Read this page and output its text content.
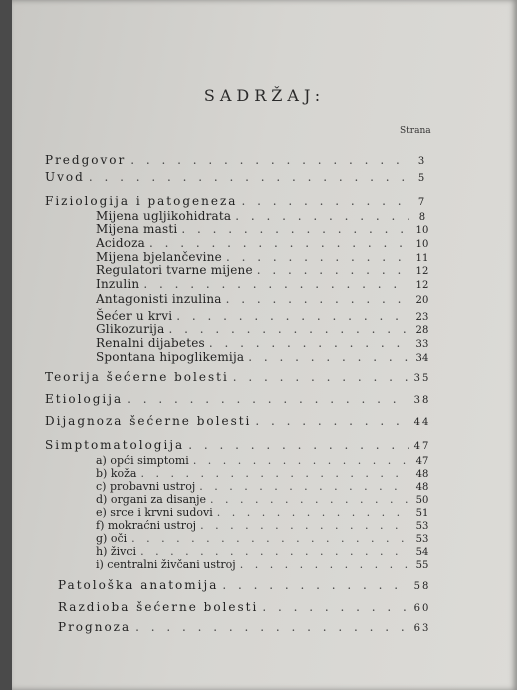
SADRŽAJ:
Strana
Predgovor . . .	3
Uvod . . .	5
Fiziologija i patogeneza . . .	7
Mijena ugljikohidrata . . .	8
Mijena masti . . .	10
Acidoza . . .	10
Mijena bjelančevine . . .	11
Regulatori tvarne mijene . . .	12
Inzulin . . .	12
Antagonisti inzulina . . .	20
Šećer u krvi . . .	23
Glikozurija . . .	28
Renalni dijabetes . . .	33
Spontana hipoglikemija . . .	34
Teorija šećerne bolesti . . .	35
Etiologija . . .	38
Dijagnoza šećerne bolesti . . .	44
Simptomatologija . . .	47
a) opći simptomi . . .	47
b) koža . . .	48
c) probavni ustroj . . .	48
d) organi za disanje . . .	50
e) srce i krvni sudovi . . .	51
f) mokraćni ustroj . . .	53
g) oči . . .	53
h) živci . . .	54
i) centralni živčani ustroj . . .	55
Patološka anatomija . . .	58
Razdioba šećerne bolesti . . .	60
Prognoza . . .	63
